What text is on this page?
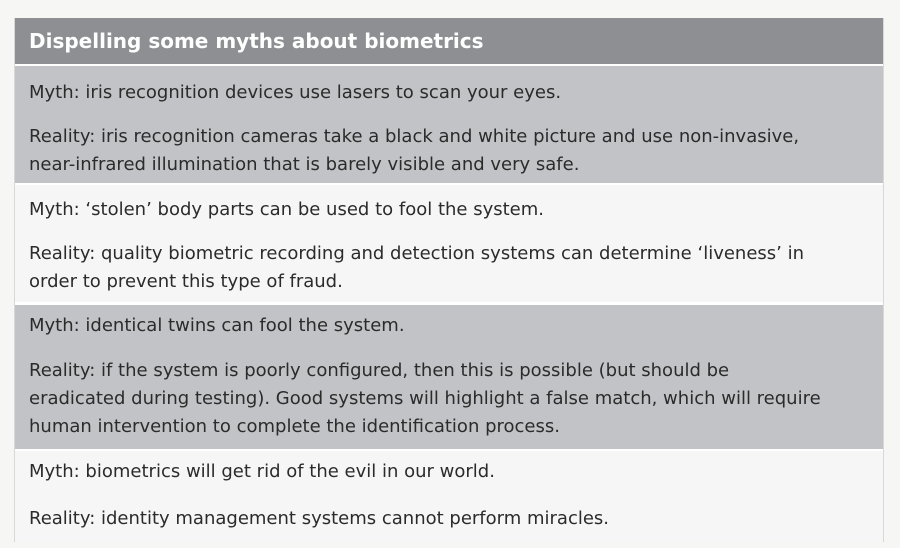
Dispelling some myths about biometrics
Myth: iris recognition devices use lasers to scan your eyes.
Reality: iris recognition cameras take a black and white picture and use non-invasive,
near-infrared illumination that is barely visible and very safe.
Myth: ‘stolen’ body parts can be used to fool the system.
Reality: quality biometric recording and detection systems can determine ‘liveness’ in
order to prevent this type of fraud.
Myth: identical twins can fool the system.
Reality: if the system is poorly configured, then this is possible (but should be
eradicated during testing). Good systems will highlight a false match, which will require
human intervention to complete the identification process.
Myth: biometrics will get rid of the evil in our world.
Reality: identity management systems cannot perform miracles.
